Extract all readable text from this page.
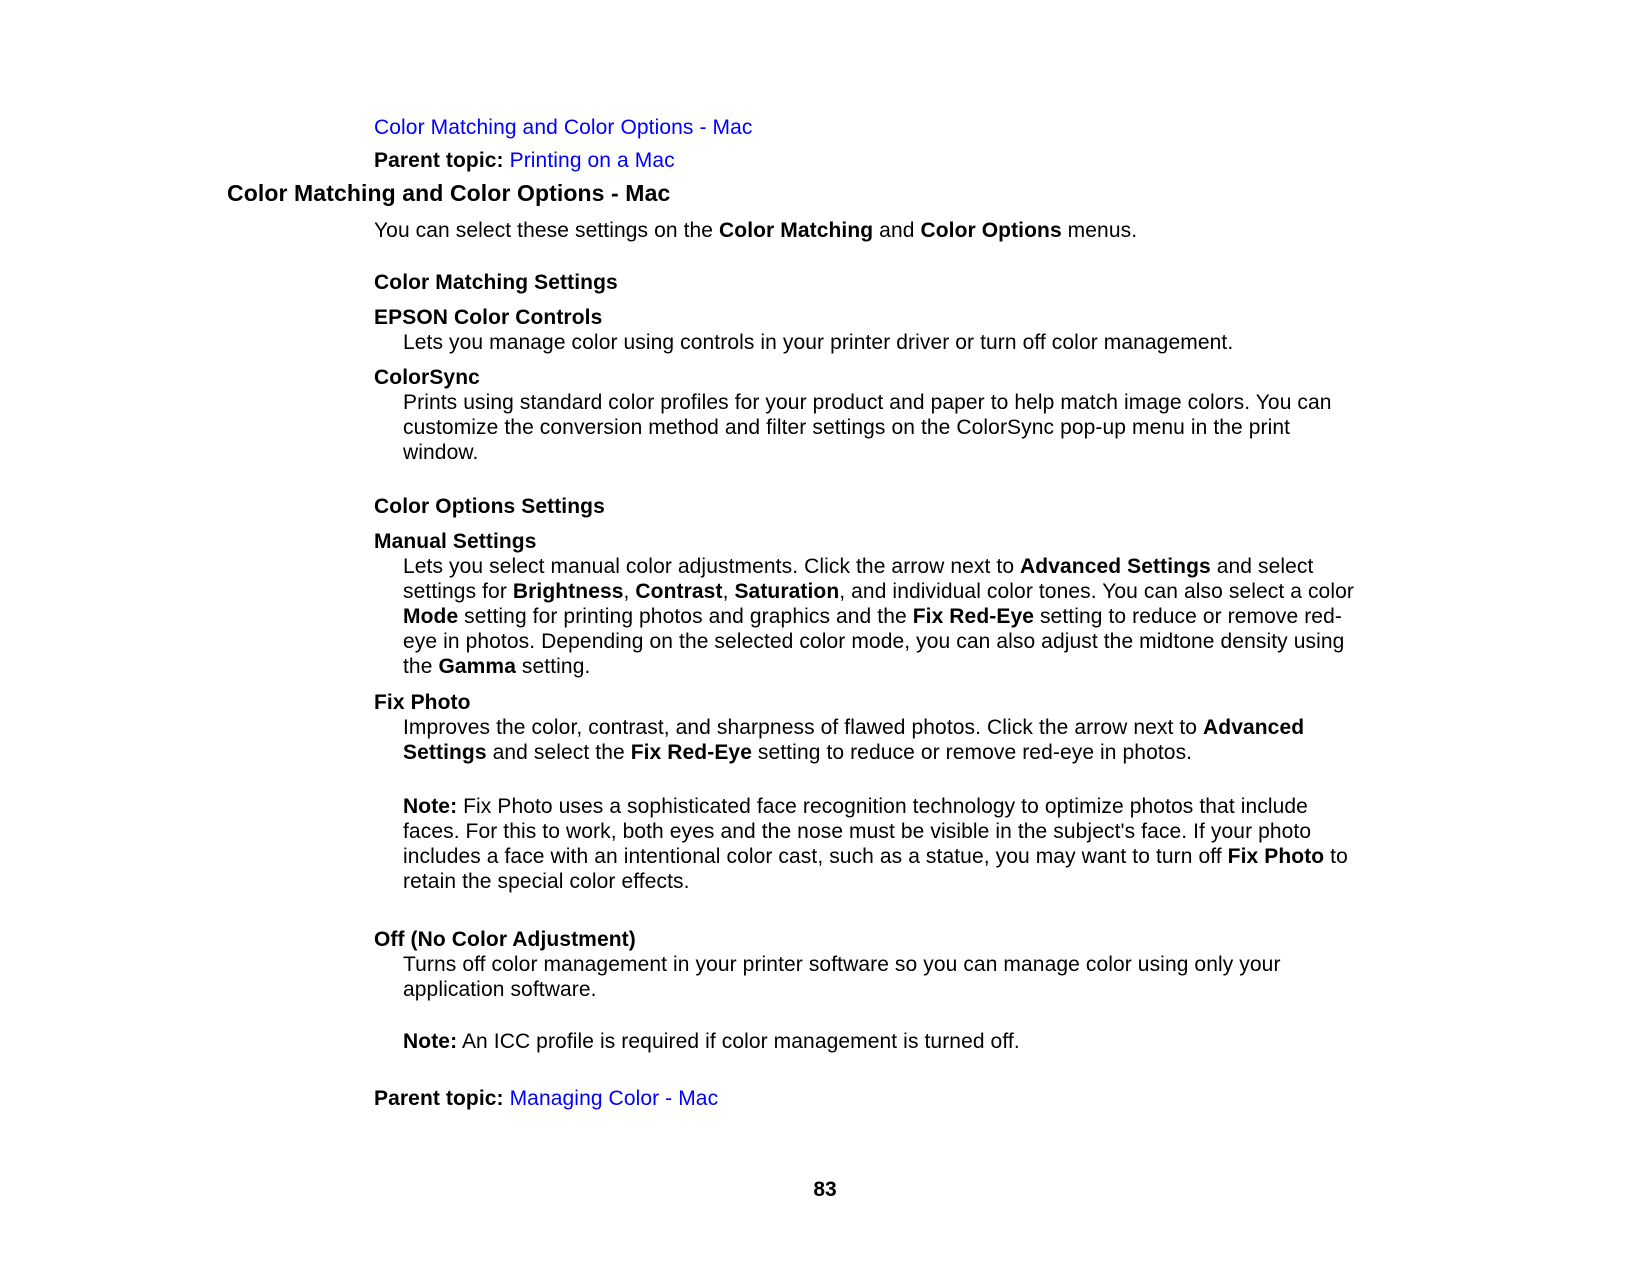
Color Matching and Color Options - Mac
Parent topic: Printing on a Mac
Color Matching and Color Options - Mac
You can select these settings on the Color Matching and Color Options menus.
Color Matching Settings
EPSON Color Controls
Lets you manage color using controls in your printer driver or turn off color management.
ColorSync
Prints using standard color profiles for your product and paper to help match image colors. You can
customize the conversion method and filter settings on the ColorSync pop-up menu in the print
window.
Color Options Settings
Manual Settings
Lets you select manual color adjustments. Click the arrow next to Advanced Settings and select
settings for Brightness, Contrast, Saturation, and individual color tones. You can also select a color
Mode setting for printing photos and graphics and the Fix Red-Eye setting to reduce or remove red-
eye in photos. Depending on the selected color mode, you can also adjust the midtone density using
the Gamma setting.
Fix Photo
Improves the color, contrast, and sharpness of flawed photos. Click the arrow next to Advanced
Settings and select the Fix Red-Eye setting to reduce or remove red-eye in photos.
Note: Fix Photo uses a sophisticated face recognition technology to optimize photos that include
faces. For this to work, both eyes and the nose must be visible in the subject's face. If your photo
includes a face with an intentional color cast, such as a statue, you may want to turn off Fix Photo to
retain the special color effects.
Off (No Color Adjustment)
Turns off color management in your printer software so you can manage color using only your
application software.
Note: An ICC profile is required if color management is turned off.
Parent topic: Managing Color - Mac
83
